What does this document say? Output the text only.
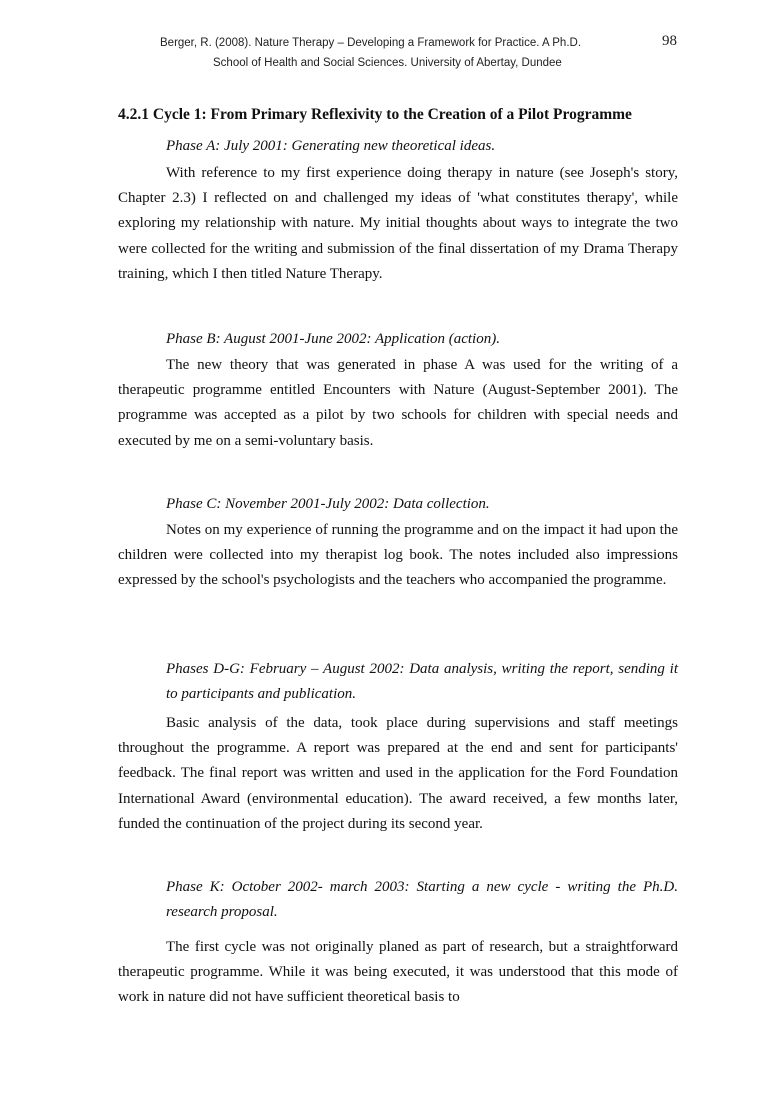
Berger, R. (2008). Nature Therapy – Developing a Framework for Practice. A Ph.D.	98
School of Health and Social Sciences. University of Abertay, Dundee
4.2.1 Cycle 1: From Primary Reflexivity to the Creation of a Pilot Programme
Phase A: July 2001: Generating new theoretical ideas.
With reference to my first experience doing therapy in nature (see Joseph's story, Chapter 2.3) I reflected on and challenged my ideas of 'what constitutes therapy', while exploring my relationship with nature. My initial thoughts about ways to integrate the two were collected for the writing and submission of the final dissertation of my Drama Therapy training, which I then titled Nature Therapy.
Phase B: August 2001-June 2002: Application (action).
The new theory that was generated in phase A was used for the writing of a therapeutic programme entitled Encounters with Nature (August-September 2001). The programme was accepted as a pilot by two schools for children with special needs and executed by me on a semi-voluntary basis.
Phase C: November 2001-July 2002: Data collection.
Notes on my experience of running the programme and on the impact it had upon the children were collected into my therapist log book. The notes included also impressions expressed by the school's psychologists and the teachers who accompanied the programme.
Phases D-G: February – August 2002: Data analysis, writing the report, sending it to participants and publication.
Basic analysis of the data, took place during supervisions and staff meetings throughout the programme. A report was prepared at the end and sent for participants' feedback. The final report was written and used in the application for the Ford Foundation International Award (environmental education). The award received, a few months later, funded the continuation of the project during its second year.
Phase K: October 2002- march 2003: Starting a new cycle - writing the Ph.D. research proposal.
The first cycle was not originally planed as part of research, but a straightforward therapeutic programme. While it was being executed, it was understood that this mode of work in nature did not have sufficient theoretical basis to
